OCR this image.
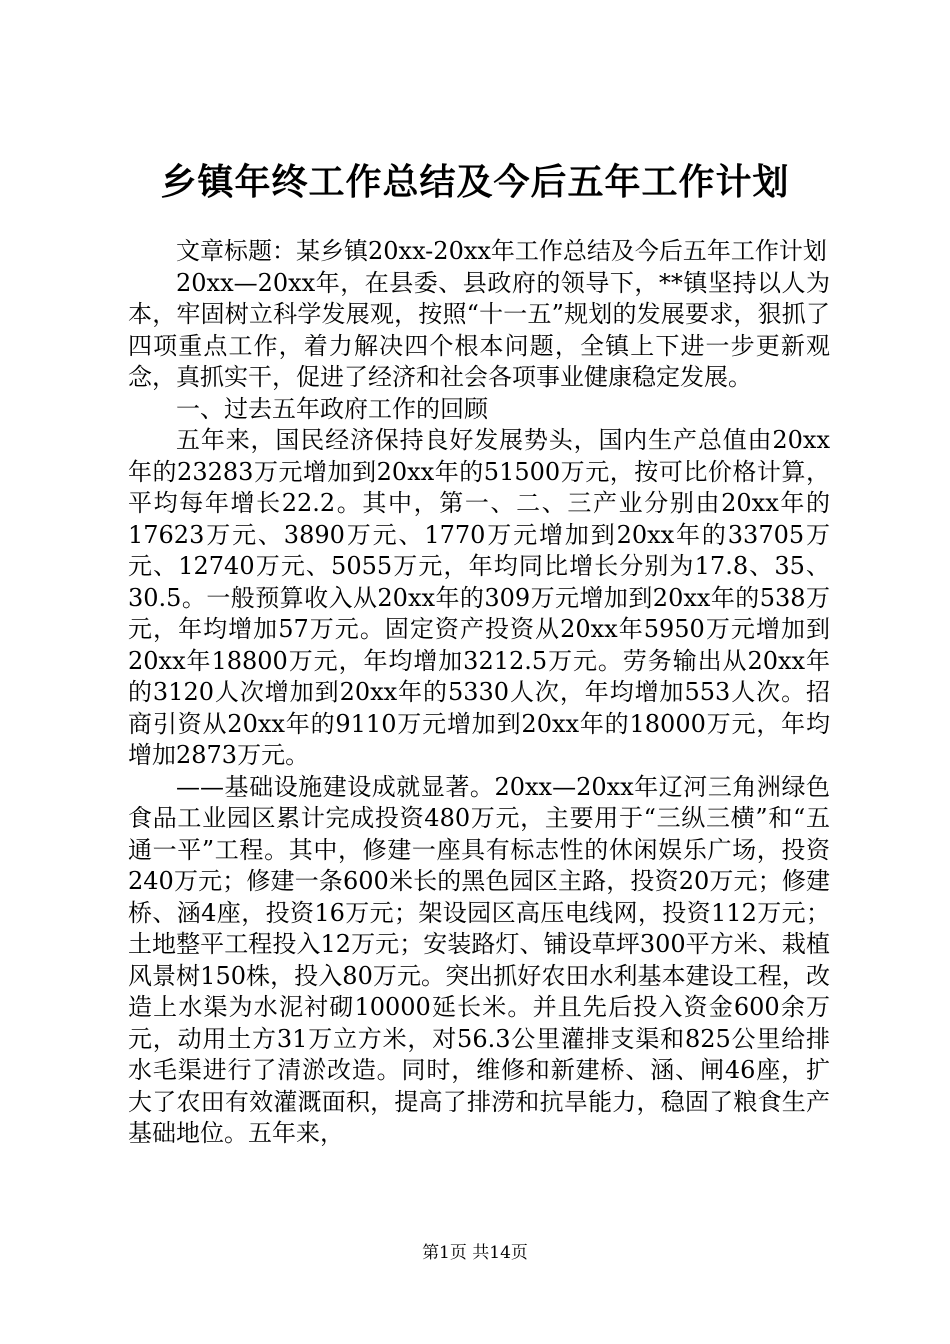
乡镇年终工作总结及今后五年工作计划

文章标题：某乡镇20xx-20xx年工作总结及今后五年工作计划

20xx—20xx年，在县委、县政府的领导下，**镇坚持以人为本，牢固树立科学发展观，按照“十一五”规划的发展要求，狠抓了四项重点工作，着力解决四个根本问题，全镇上下进一步更新观念，真抓实干，促进了经济和社会各项事业健康稳定发展。

一、过去五年政府工作的回顾

五年来，国民经济保持良好发展势头，国内生产总值由20xx年的23283万元增加到20xx年的51500万元，按可比价格计算，平均每年增长22.2。其中，第一、二、三产业分别由20xx年的17623万元、3890万元、1770万元增加到20xx年的33705万元、12740万元、5055万元，年均同比增长分别为17.8、35、30.5。一般预算收入从20xx年的309万元增加到20xx年的538万元，年均增加57万元。固定资产投资从20xx年5950万元增加到20xx年18800万元，年均增加3212.5万元。劳务输出从20xx年的3120人次增加到20xx年的5330人次，年均增加553人次。招商引资从20xx年的9110万元增加到20xx年的18000万元，年均增加2873万元。

——基础设施建设成就显著。20xx—20xx年辽河三角洲绿色食品工业园区累计完成投资480万元，主要用于“三纵三横”和“五通一平”工程。其中，修建一座具有标志性的休闲娱乐广场，投资240万元；修建一条600米长的黑色园区主路，投资20万元；修建桥、涵4座，投资16万元；架设园区高压电线网，投资112万元；土地整平工程投入12万元；安装路灯、铺设草坪300平方米、栽植风景树150株，投入80万元。突出抓好农田水利基本建设工程，改造上水渠为水泥衬砌10000延长米。并且先后投入资金600余万元，动用土方31万立方米，对56.3公里灌排支渠和825公里给排水毛渠进行了清淤改造。同时，维修和新建桥、涵、闸46座，扩大了农田有效灌溉面积，提高了排涝和抗旱能力，稳固了粮食生产基础地位。五年来，

第1页 共14页
